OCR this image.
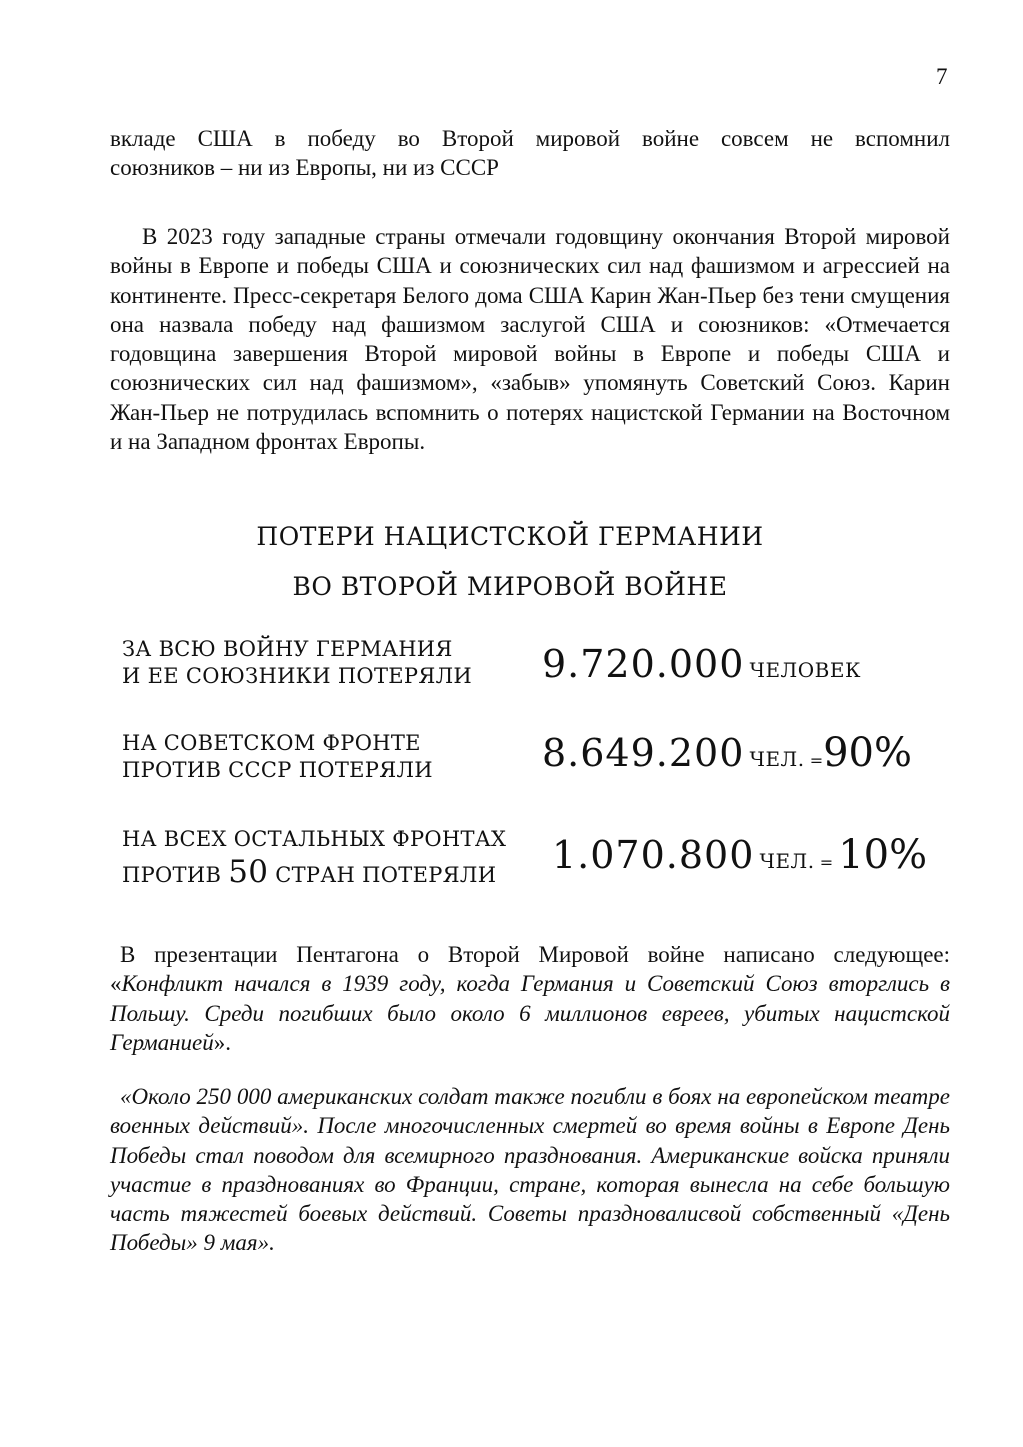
7
вкладе США в победу во Второй мировой войне совсем не вспомнил
союзников – ни из Европы, ни из СССР

В 2023 году западные страны отмечали годовщину окончания Второй мировой войны в Европе и победы США и союзнических сил над фашизмом и агрессией на континенте. Пресс-секретаря Белого дома США Карин Жан-Пьер без тени смущения она назвала победу над фашизмом заслугой США и союзников: «Отмечается годовщина завершения Второй мировой войны в Европе и победы США и союзнических сил над фашизмом», «забыв» упомянуть Советский Союз. Карин Жан-Пьер не потрудилась вспомнить о потерях нацистской Германии на Восточном и на Западном фронтах Европы.

ПОТЕРИ НАЦИСТСКОЙ ГЕРМАНИИ
ВО ВТОРОЙ МИРОВОЙ ВОЙНЕ
ЗА ВСЮ ВОЙНУ ГЕРМАНИЯ
И ЕЕ СОЮЗНИКИ ПОТЕРЯЛИ 9.720.000 ЧЕЛОВЕК
НА СОВЕТСКОМ ФРОНТЕ
ПРОТИВ СССР ПОТЕРЯЛИ	8.649.200 ЧЕЛ. =90%
НА ВСЕХ ОСТАЛЬНЫХ ФРОНТАХ
ПРОТИВ 50 СТРАН ПОТЕРЯЛИ 1.070.800 ЧЕЛ. = 10%

В презентации Пентагона о Второй Мировой войне написано следующее: «Конфликт начался в 1939 году, когда Германия и Советский Союз вторглись в Польшу. Среди погибших было около 6 миллионов евреев, убитых нацистской Германией».

«Около 250 000 американских солдат также погибли в боях на европейском театре военных действий». После многочисленных смертей во время войны в Европе День Победы стал поводом для всемирного празднования. Американские войска приняли участие в празднованиях во Франции, стране, которая вынесла на себе большую часть тяжестей боевых действий. Советы праздновалисвой собственный «День Победы» 9 мая».
